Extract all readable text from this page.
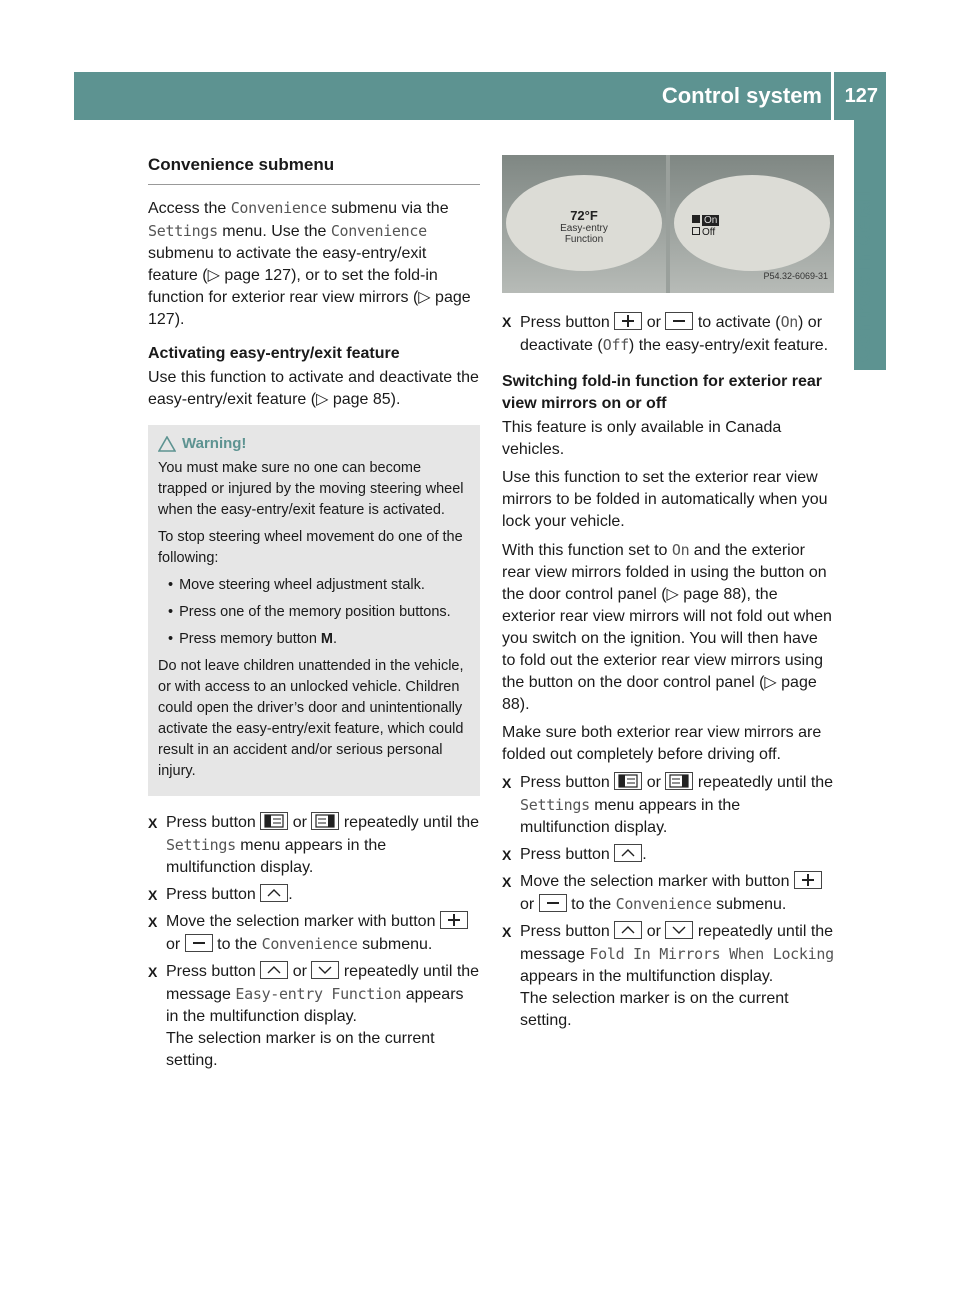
Control system 127
Controls in detail
Convenience submenu

Access the Convenience submenu via the Settings menu. Use the Convenience submenu to activate the easy-entry/exit feature (▷ page 127), or to set the fold-in function for exterior rear view mirrors (▷ page 127).

Activating easy-entry/exit feature

Use this function to activate and deactivate the easy-entry/exit feature (▷ page 85).

Warning!

You must make sure no one can become trapped or injured by the moving steering wheel when the easy-entry/exit feature is activated.

To stop steering wheel movement do one of the following:

• Move steering wheel adjustment stalk.

• Press one of the memory position buttons.

• Press memory button M.

Do not leave children unattended in the vehicle, or with access to an unlocked vehicle. Children could open the driver’s door and unintentionally activate the easy-entry/exit feature, which could result in an accident and/or serious personal injury.

X Press button
or
repeatedly until the Settings menu appears in the multifunction display.
X Press button
.
X Move the selection marker with button
or
to the Convenience submenu.
X Press button
or
repeatedly until the message Easy-entry Function appears in the multifunction display.
The selection marker is on the current setting.
72°F
Easy-entry
Function
On
Off
P54.32-6069-31
X Press button
or
to activate (On) or deactivate (Off) the easy-entry/exit feature.
Switching fold-in function for exterior rear view mirrors on or off

This feature is only available in Canada vehicles.

Use this function to set the exterior rear view mirrors to be folded in automatically when you lock your vehicle.

With this function set to On and the exterior rear view mirrors folded in using the button on the door control panel (▷ page 88), the exterior rear view mirrors will not fold out when you switch on the ignition. You will then have to fold out the exterior rear view mirrors using the button on the door control panel (▷ page 88).

Make sure both exterior rear view mirrors are folded out completely before driving off.

X Press button
or
repeatedly until the Settings menu appears in the multifunction display.
X Press button
.
X Move the selection marker with button
or
to the Convenience submenu.
X Press button
or
repeatedly until the message Fold In Mirrors When Locking appears in the multifunction display.
The selection marker is on the current setting.
